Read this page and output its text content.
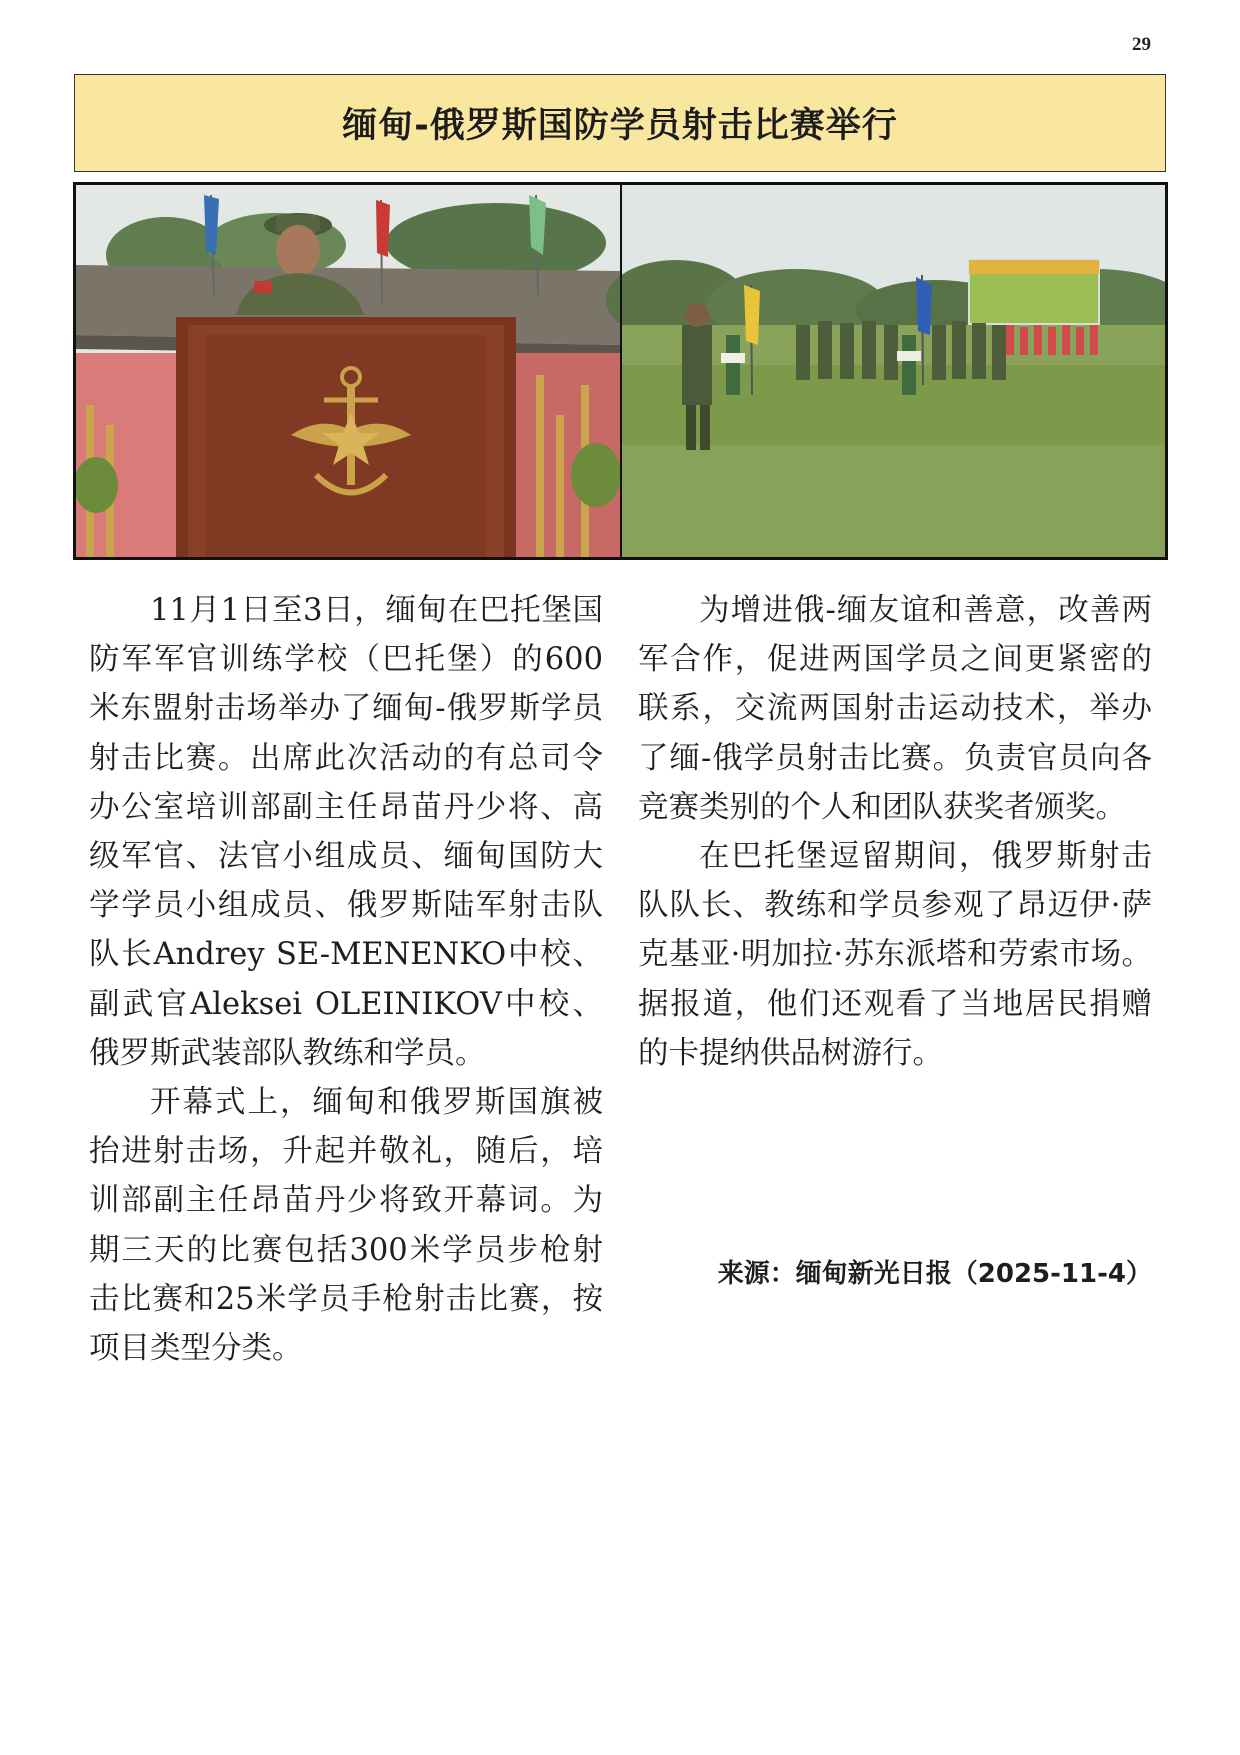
29
缅甸-俄罗斯国防学员射击比赛举行

11月1日至3日，缅甸在巴托堡国防军军官训练学校（巴托堡）的600米东盟射击场举办了缅甸-俄罗斯学员射击比赛。出席此次活动的有总司令办公室培训部副主任昂苗丹少将、高级军官、法官小组成员、缅甸国防大学学员小组成员、俄罗斯陆军射击队队长Andrey SE-MENENKO中校、副武官Aleksei OLEINIKOV中校、俄罗斯武装部队教练和学员。

开幕式上，缅甸和俄罗斯国旗被抬进射击场，升起并敬礼，随后，培训部副主任昂苗丹少将致开幕词。为期三天的比赛包括300米学员步枪射击比赛和25米学员手枪射击比赛，按项目类型分类。

为增进俄-缅友谊和善意，改善两军合作，促进两国学员之间更紧密的联系，交流两国射击运动技术，举办了缅-俄学员射击比赛。负责官员向各竞赛类别的个人和团队获奖者颁奖。

在巴托堡逗留期间，俄罗斯射击队队长、教练和学员参观了昂迈伊·萨克基亚·明加拉·苏东派塔和劳索市场。据报道，他们还观看了当地居民捐赠的卡提纳供品树游行。

来源：缅甸新光日报（2025-11-4）
